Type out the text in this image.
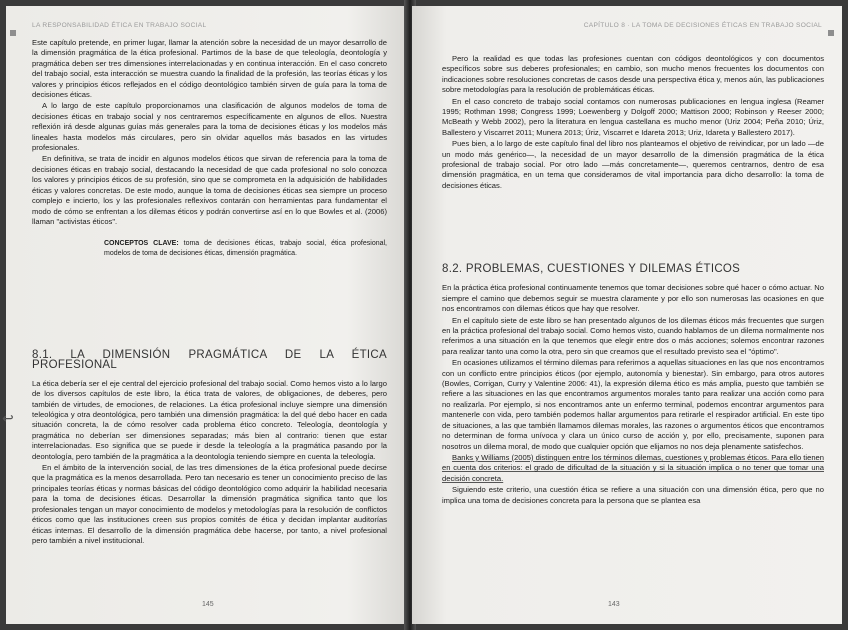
LA RESPONSABILIDAD ÉTICA EN TRABAJO SOCIAL

Este capítulo pretende, en primer lugar, llamar la atención sobre la necesidad de un mayor desarrollo de la dimensión pragmática de la ética profesional. Partimos de la base de que teleología, deontología y pragmática deben ser tres dimensiones interrelacionadas y en continua interacción. En el caso concreto del trabajo social, esta interacción se muestra cuando la finalidad de la profesión, las teorías éticas y los valores y principios éticos reflejados en el código deontológico también sirven de guía para la toma de decisiones éticas.

A lo largo de este capítulo proporcionamos una clasificación de algunos modelos de toma de decisiones éticas en trabajo social y nos centraremos específicamente en algunos de ellos. Nuestra reflexión irá desde algunas guías más generales para la toma de decisiones éticas y los modelos más lineales hasta modelos más circulares, pero sin olvidar aquellos más basados en las virtudes profesionales.

En definitiva, se trata de incidir en algunos modelos éticos que sirvan de referencia para la toma de decisiones éticas en trabajo social, destacando la necesidad de que cada profesional no solo conozca los valores y principios éticos de su profesión, sino que se comprometa en la adquisición de habilidades éticas y valores concretas. De este modo, aunque la toma de decisiones éticas sea siempre un proceso complejo e incierto, los y las profesionales reflexivos contarán con herramientas para fundamentar el modo de cómo se enfrentan a los dilemas éticos y podrán convertirse así en lo que Bowles et al. (2006) llaman "activistas éticos".

CONCEPTOS CLAVE: toma de decisiones éticas, trabajo social, ética profesional, modelos de toma de decisiones éticas, dimensión pragmática.
8.1. LA DIMENSIÓN PRAGMÁTICA DE LA ÉTICA PROFESIONAL

La ética debería ser el eje central del ejercicio profesional del trabajo social. Como hemos visto a lo largo de los diversos capítulos de este libro, la ética trata de valores, de obligaciones, de deberes, pero también de virtudes, de emociones, de relaciones. La ética profesional incluye siempre una dimensión teleológica y otra deontológica, pero también una dimensión pragmática: la del qué debo hacer en cada situación concreta, la de cómo resolver cada problema ético concreto. Teleología, deontología y pragmática no deberían ser dimensiones separadas; más bien al contrario: tienen que estar interrelacionadas. Eso significa que se puede ir desde la teleología a la pragmática pasando por la deontología, pero también de la pragmática a la deontología teniendo siempre en cuenta la teleología.

En el ámbito de la intervención social, de las tres dimensiones de la ética profesional puede decirse que la pragmática es la menos desarrollada. Pero tan necesario es tener un conocimiento preciso de las principales teorías éticas y normas básicas del código deontológico como adquirir la habilidad necesaria para la toma de decisiones éticas. Desarrollar la dimensión pragmática significa tanto que los profesionales tengan un mayor conocimiento de modelos y metodologías para la resolución de conflictos éticos como que las instituciones creen sus propios comités de ética y decidan implantar auditorías éticas internas. El desarrollo de la dimensión pragmática debe hacerse, por tanto, a nivel profesional pero también a nivel institucional.

145
↩
CAPÍTULO 8 · LA TOMA DE DECISIONES ÉTICAS EN TRABAJO SOCIAL

Pero la realidad es que todas las profesiones cuentan con códigos deontológicos y con documentos específicos sobre sus deberes profesionales; en cambio, son mucho menos frecuentes los documentos con indicaciones sobre resoluciones concretas de casos desde una perspectiva ética y, menos aún, las publicaciones sobre metodologías para la resolución de problemáticas éticas.

En el caso concreto de trabajo social contamos con numerosas publicaciones en lengua inglesa (Reamer 1995; Rothman 1998; Congress 1999; Loewenberg y Dolgoff 2000; Mattison 2000; Robinson y Reeser 2000; McBeath y Webb 2002), pero la literatura en lengua castellana es mucho menor (Uriz 2004; Peña 2010; Úriz, Ballestero y Viscarret 2011; Munera 2013; Úriz, Viscarret e Idareta 2013; Uriz, Idareta y Ballestero 2017).

Pues bien, a lo largo de este capítulo final del libro nos planteamos el objetivo de reivindicar, por un lado —de un modo más genérico—, la necesidad de un mayor desarrollo de la dimensión pragmática de la ética profesional de trabajo social. Por otro lado —más concretamente—, queremos centrarnos, dentro de esa dimensión pragmática, en un tema que consideramos de vital importancia para dicho desarrollo: la toma de decisiones éticas.

8.2. PROBLEMAS, CUESTIONES Y DILEMAS ÉTICOS

En la práctica ética profesional continuamente tenemos que tomar decisiones sobre qué hacer o cómo actuar. No siempre el camino que debemos seguir se muestra claramente y por ello son numerosas las ocasiones en que nos encontramos con dilemas éticos que hay que resolver.

En el capítulo siete de este libro se han presentado algunos de los dilemas éticos más frecuentes que surgen en la práctica profesional del trabajo social. Como hemos visto, cuando hablamos de un dilema normalmente nos referimos a una situación en la que tenemos que elegir entre dos o más acciones; solemos encontrar razones para realizar tanto una como la otra, pero sin que creamos que el resultado previsto sea el "óptimo".

En ocasiones utilizamos el término dilemas para referirnos a aquellas situaciones en las que nos encontramos con un conflicto entre principios éticos (por ejemplo, autonomía y bienestar). Sin embargo, para otros autores (Bowles, Corrigan, Curry y Valentine 2006: 41), la expresión dilema ético es más amplia, puesto que también se refiere a las situaciones en las que encontramos argumentos morales tanto para realizar una acción como para no realizarla. Por ejemplo, si nos encontramos ante un enfermo terminal, podemos encontrar argumentos para mantenerle con vida, pero también podemos hallar argumentos para retirarle el respirador artificial. En este tipo de situaciones, a las que también llamamos dilemas morales, las razones o argumentos éticos que encontramos no determinan de forma unívoca y clara un único curso de acción y, por ello, precisamente, suponen para nosotros un dilema moral, de modo que cualquier opción que elijamos no nos deja plenamente satisfechos.

Banks y Williams (2005) distinguen entre los términos dilemas, cuestiones y problemas éticos. Para ello tienen en cuenta dos criterios: el grado de dificultad de la situación y si la situación implica o no tener que tomar una decisión concreta.

Siguiendo este criterio, una cuestión ética se refiere a una situación con una dimensión ética, pero que no implica una toma de decisiones concreta para la persona que se plantea esa

143
